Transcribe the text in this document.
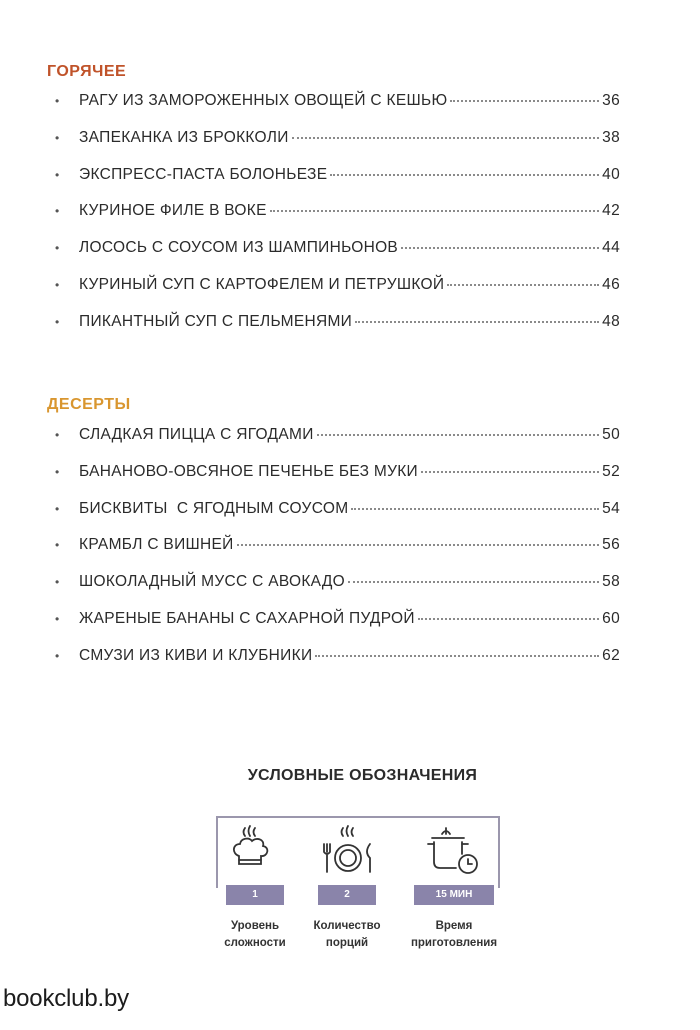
ГОРЯЧЕЕ
•	РАГУ ИЗ ЗАМОРОЖЕННЫХ ОВОЩЕЙ С КЕШЬЮ	36
•	ЗАПЕКАНКА ИЗ БРОККОЛИ	38
•	ЭКСПРЕСС-ПАСТА БОЛОНЬЕЗЕ	40
•	КУРИНОЕ ФИЛЕ В ВОКЕ	42
•	ЛОСОСЬ С СОУСОМ ИЗ ШАМПИНЬОНОВ	44
•	КУРИНЫЙ СУП С КАРТОФЕЛЕМ И ПЕТРУШКОЙ	46
•	ПИКАНТНЫЙ СУП С ПЕЛЬМЕНЯМИ	48
ДЕСЕРТЫ
•	СЛАДКАЯ ПИЦЦА С ЯГОДАМИ	50
•	БАНАНОВО-ОВСЯНОЕ ПЕЧЕНЬЕ БЕЗ МУКИ	52
•	БИСКВИТЫ  С ЯГОДНЫМ СОУСОМ	54
•	КРАМБЛ С ВИШНЕЙ	56
•	ШОКОЛАДНЫЙ МУСС С АВОКАДО	58
•	ЖАРЕНЫЕ БАНАНЫ С САХАРНОЙ ПУДРОЙ	60
•	СМУЗИ ИЗ КИВИ И КЛУБНИКИ	62
УСЛОВНЫЕ ОБОЗНАЧЕНИЯ
1
Уровень
сложности
2
Количество
порций
15 МИН
Время
приготовления
bookclub.by
